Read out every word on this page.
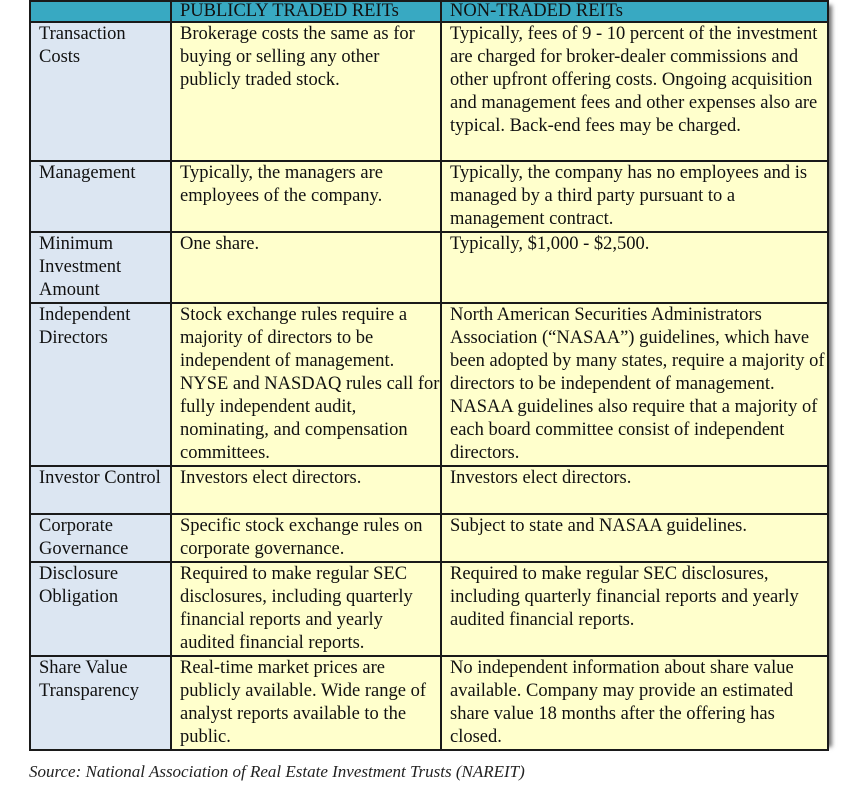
	PUBLICLY TRADED REITs	NON-TRADED REITs
Transaction Costs	Brokerage costs the same as for buying or selling any other publicly traded stock.	Typically, fees of 9 - 10 percent of the investment are charged for broker-dealer commissions and other upfront offering costs. Ongoing acquisition and management fees and other expenses also are typical. Back-end fees may be charged.
Management	Typically, the managers are employees of the company.	Typically, the company has no employees and is managed by a third party pursuant to a management contract.
Minimum Investment Amount	One share.	Typically, $1,000 - $2,500.
Independent Directors	Stock exchange rules require a majority of directors to be independent of management. NYSE and NASDAQ rules call for fully independent audit, nominating, and compensation committees.	North American Securities Administrators Association (“NASAA”) guidelines, which have been adopted by many states, require a majority of directors to be independent of management. NASAA guidelines also require that a majority of each board committee consist of independent directors.
Investor Control	Investors elect directors.	Investors elect directors.
Corporate Governance	Specific stock exchange rules on corporate governance.	Subject to state and NASAA guidelines.
Disclosure Obligation	Required to make regular SEC disclosures, including quarterly financial reports and yearly audited financial reports.	Required to make regular SEC disclosures, including quarterly financial reports and yearly audited financial reports.
Share Value Transparency	Real-time market prices are publicly available. Wide range of analyst reports available to the public.	No independent information about share value available. Company may provide an estimated share value 18 months after the offering has closed.
Source: National Association of Real Estate Investment Trusts (NAREIT)
